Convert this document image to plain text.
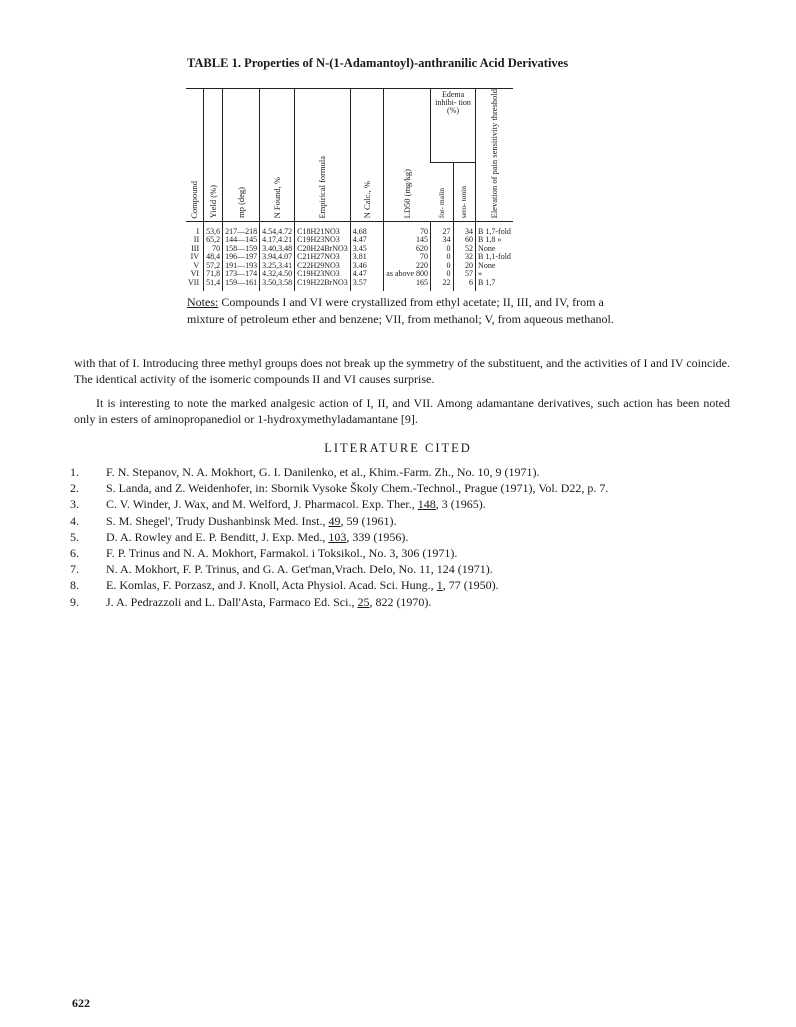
TABLE 1. Properties of N-(1-Adamantoyl)-anthranilic Acid Derivatives
Compound	Yield (%)	mp (deg)	N Found, %	Empirical formula	N Calc., %	LD50 (mg/kg)	Edema inhibi- tion (%)		Elevation of pain sensitivity threshold
							for- malin	sero- tonin	
I	53,6	217—218	4.54,4.72	C18H21NO3	4.68	70	27	34	B 1,7-fold
II	65,2	144—145	4.17,4.21	C19H23NO3	4.47	145	34	60	B 1,8 »
III	70	158—159	3.40,3.48	C20H24BrNO3	3.45	620	0	52	None
IV	48,4	196—197	3.94,4.07	C21H27NO3	3.81	70	0	32	B 1,1-fold
V	57,2	191—193	3.25,3.41	C22H29NO3	3.46	220	0	20	None
VI	71,8	173—174	4.32,4.50	C19H23NO3	4.47	as above 800	0	57	»
VII	51,4	159—161	3.50,3.58	C19H22BrNO3	3.57	165	22	6	B 1,7
Notes: Compounds I and VI were crystallized from ethyl acetate; II, III, and IV, from a mixture of petroleum ether and benzene; VII, from methanol; V, from aqueous methanol.
with that of I. Introducing three methyl groups does not break up the symmetry of the substituent, and the activities of I and IV coincide. The identical activity of the isomeric compounds II and VI causes surprise.
It is interesting to note the marked analgesic action of I, II, and VII. Among adamantane derivatives, such action has been noted only in esters of aminopropanediol or 1-hydroxymethyladamantane [9].
LITERATURE CITED
1.	F. N. Stepanov, N. A. Mokhort, G. I. Danilenko, et al., Khim.-Farm. Zh., No. 10, 9 (1971).
2.	S. Landa, and Z. Weidenhofer, in: Sbornik Vysoke Školy Chem.-Technol., Prague (1971), Vol. D22, p. 7.
3.	C. V. Winder, J. Wax, and M. Welford, J. Pharmacol. Exp. Ther., 148, 3 (1965).
4.	S. M. Shegel', Trudy Dushanbinsk Med. Inst., 49, 59 (1961).
5.	D. A. Rowley and E. P. Benditt, J. Exp. Med., 103, 339 (1956).
6.	F. P. Trinus and N. A. Mokhort, Farmakol. i Toksikol., No. 3, 306 (1971).
7.	N. A. Mokhort, F. P. Trinus, and G. A. Get'man,Vrach. Delo, No. 11, 124 (1971).
8.	E. Komlas, F. Porzasz, and J. Knoll, Acta Physiol. Acad. Sci. Hung., 1, 77 (1950).
9.	J. A. Pedrazzoli and L. Dall'Asta, Farmaco Ed. Sci., 25, 822 (1970).
622
